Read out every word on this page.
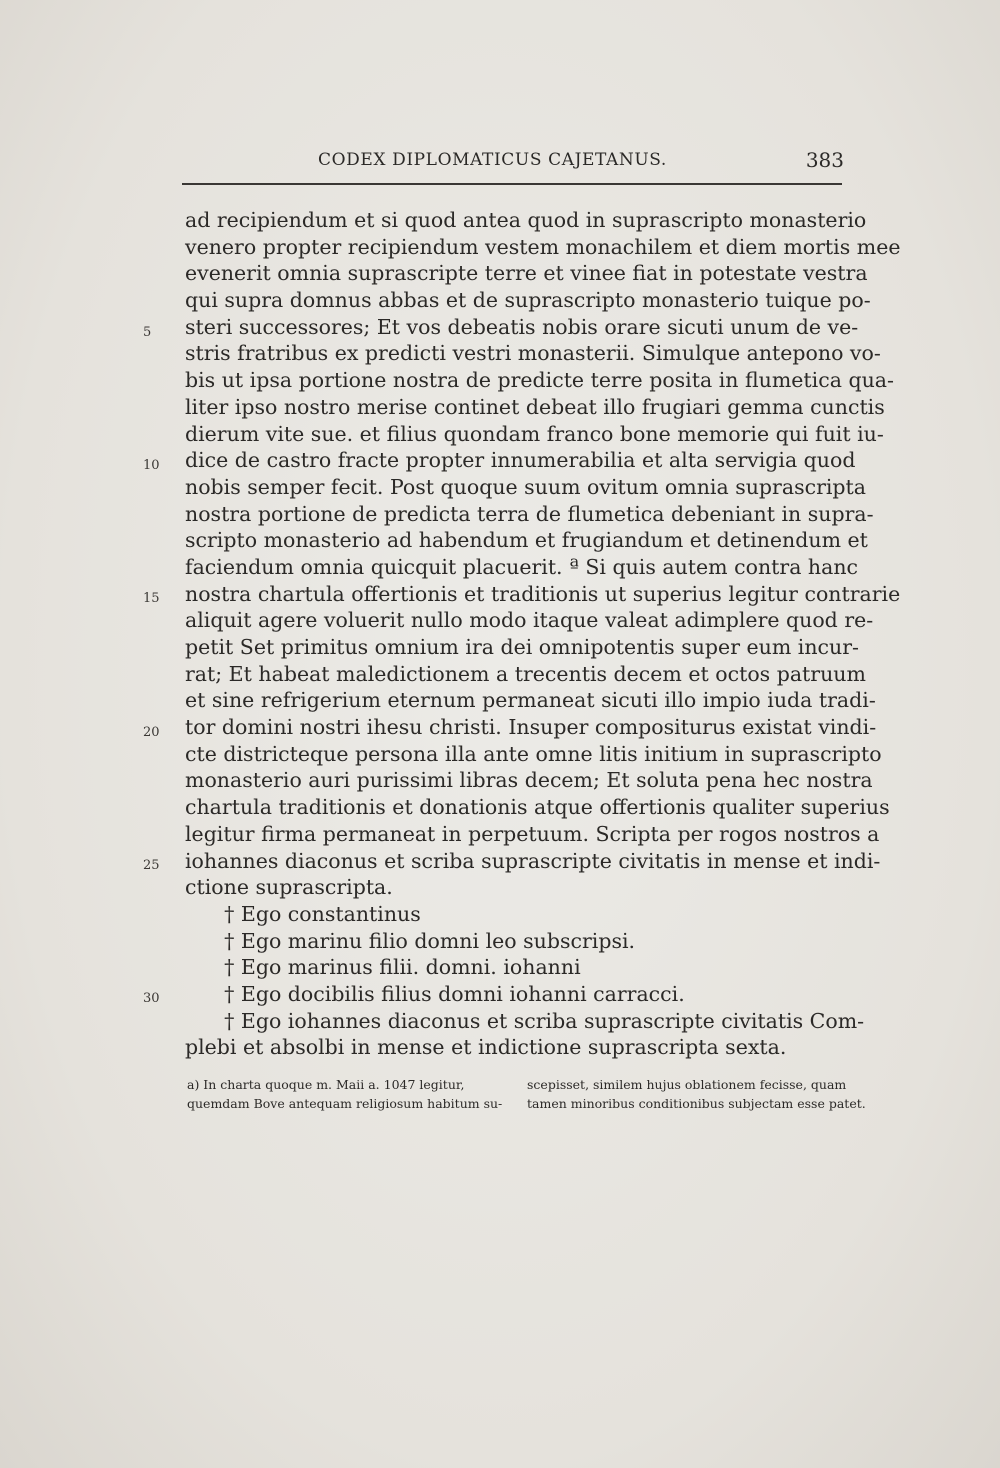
CODEX DIPLOMATICUS CAJETANUS.	383
ad recipiendum et si quod antea quod in suprascripto monasterio
venero propter recipiendum vestem monachilem et diem mortis mee
evenerit omnia suprascripte terre et vinee fiat in potestate vestra
qui supra domnus abbas et de suprascripto monasterio tuique po-
steri successores; Et vos debeatis nobis orare sicuti unum de ve-
stris fratribus ex predicti vestri monasterii. Simulque antepono vo-
bis ut ipsa portione nostra de predicte terre posita in flumetica qua-
liter ipso nostro merise continet debeat illo frugiari gemma cunctis
dierum vite sue. et filius quondam franco bone memorie qui fuit iu-
dice de castro fracte propter innumerabilia et alta servigia quod
nobis semper fecit. Post quoque suum ovitum omnia suprascripta
nostra portione de predicta terra de flumetica debeniant in supra-
scripto monasterio ad habendum et frugiandum et detinendum et
faciendum omnia quicquit placuerit. ª Si quis autem contra hanc
nostra chartula offertionis et traditionis ut superius legitur contrarie
aliquit agere voluerit nullo modo itaque valeat adimplere quod re-
petit Set primitus omnium ira dei omnipotentis super eum incur-
rat; Et habeat maledictionem a trecentis decem et octos patruum
et sine refrigerium eternum permaneat sicuti illo impio iuda tradi-
tor domini nostri ihesu christi. Insuper compositurus existat vindi-
cte districteque persona illa ante omne litis initium in suprascripto
monasterio auri purissimi libras decem; Et soluta pena hec nostra
chartula traditionis et donationis atque offertionis qualiter superius
legitur firma permaneat in perpetuum. Scripta per rogos nostros a
iohannes diaconus et scriba suprascripte civitatis in mense et indi-
ctione suprascripta.
† Ego constantinus
† Ego marinu filio domni leo subscripsi.
† Ego marinus filii. domni. iohanni
† Ego docibilis filius domni iohanni carracci.
† Ego iohannes diaconus et scriba suprascripte civitatis Com-
plebi et absolbi in mense et indictione suprascripta sexta.
5
10
15
20
25
30
a) In charta quoque m. Maii a. 1047 legitur,
quemdam Bove antequam religiosum habitum su-
scepisset, similem hujus oblationem fecisse, quam
tamen minoribus conditionibus subjectam esse patet.
